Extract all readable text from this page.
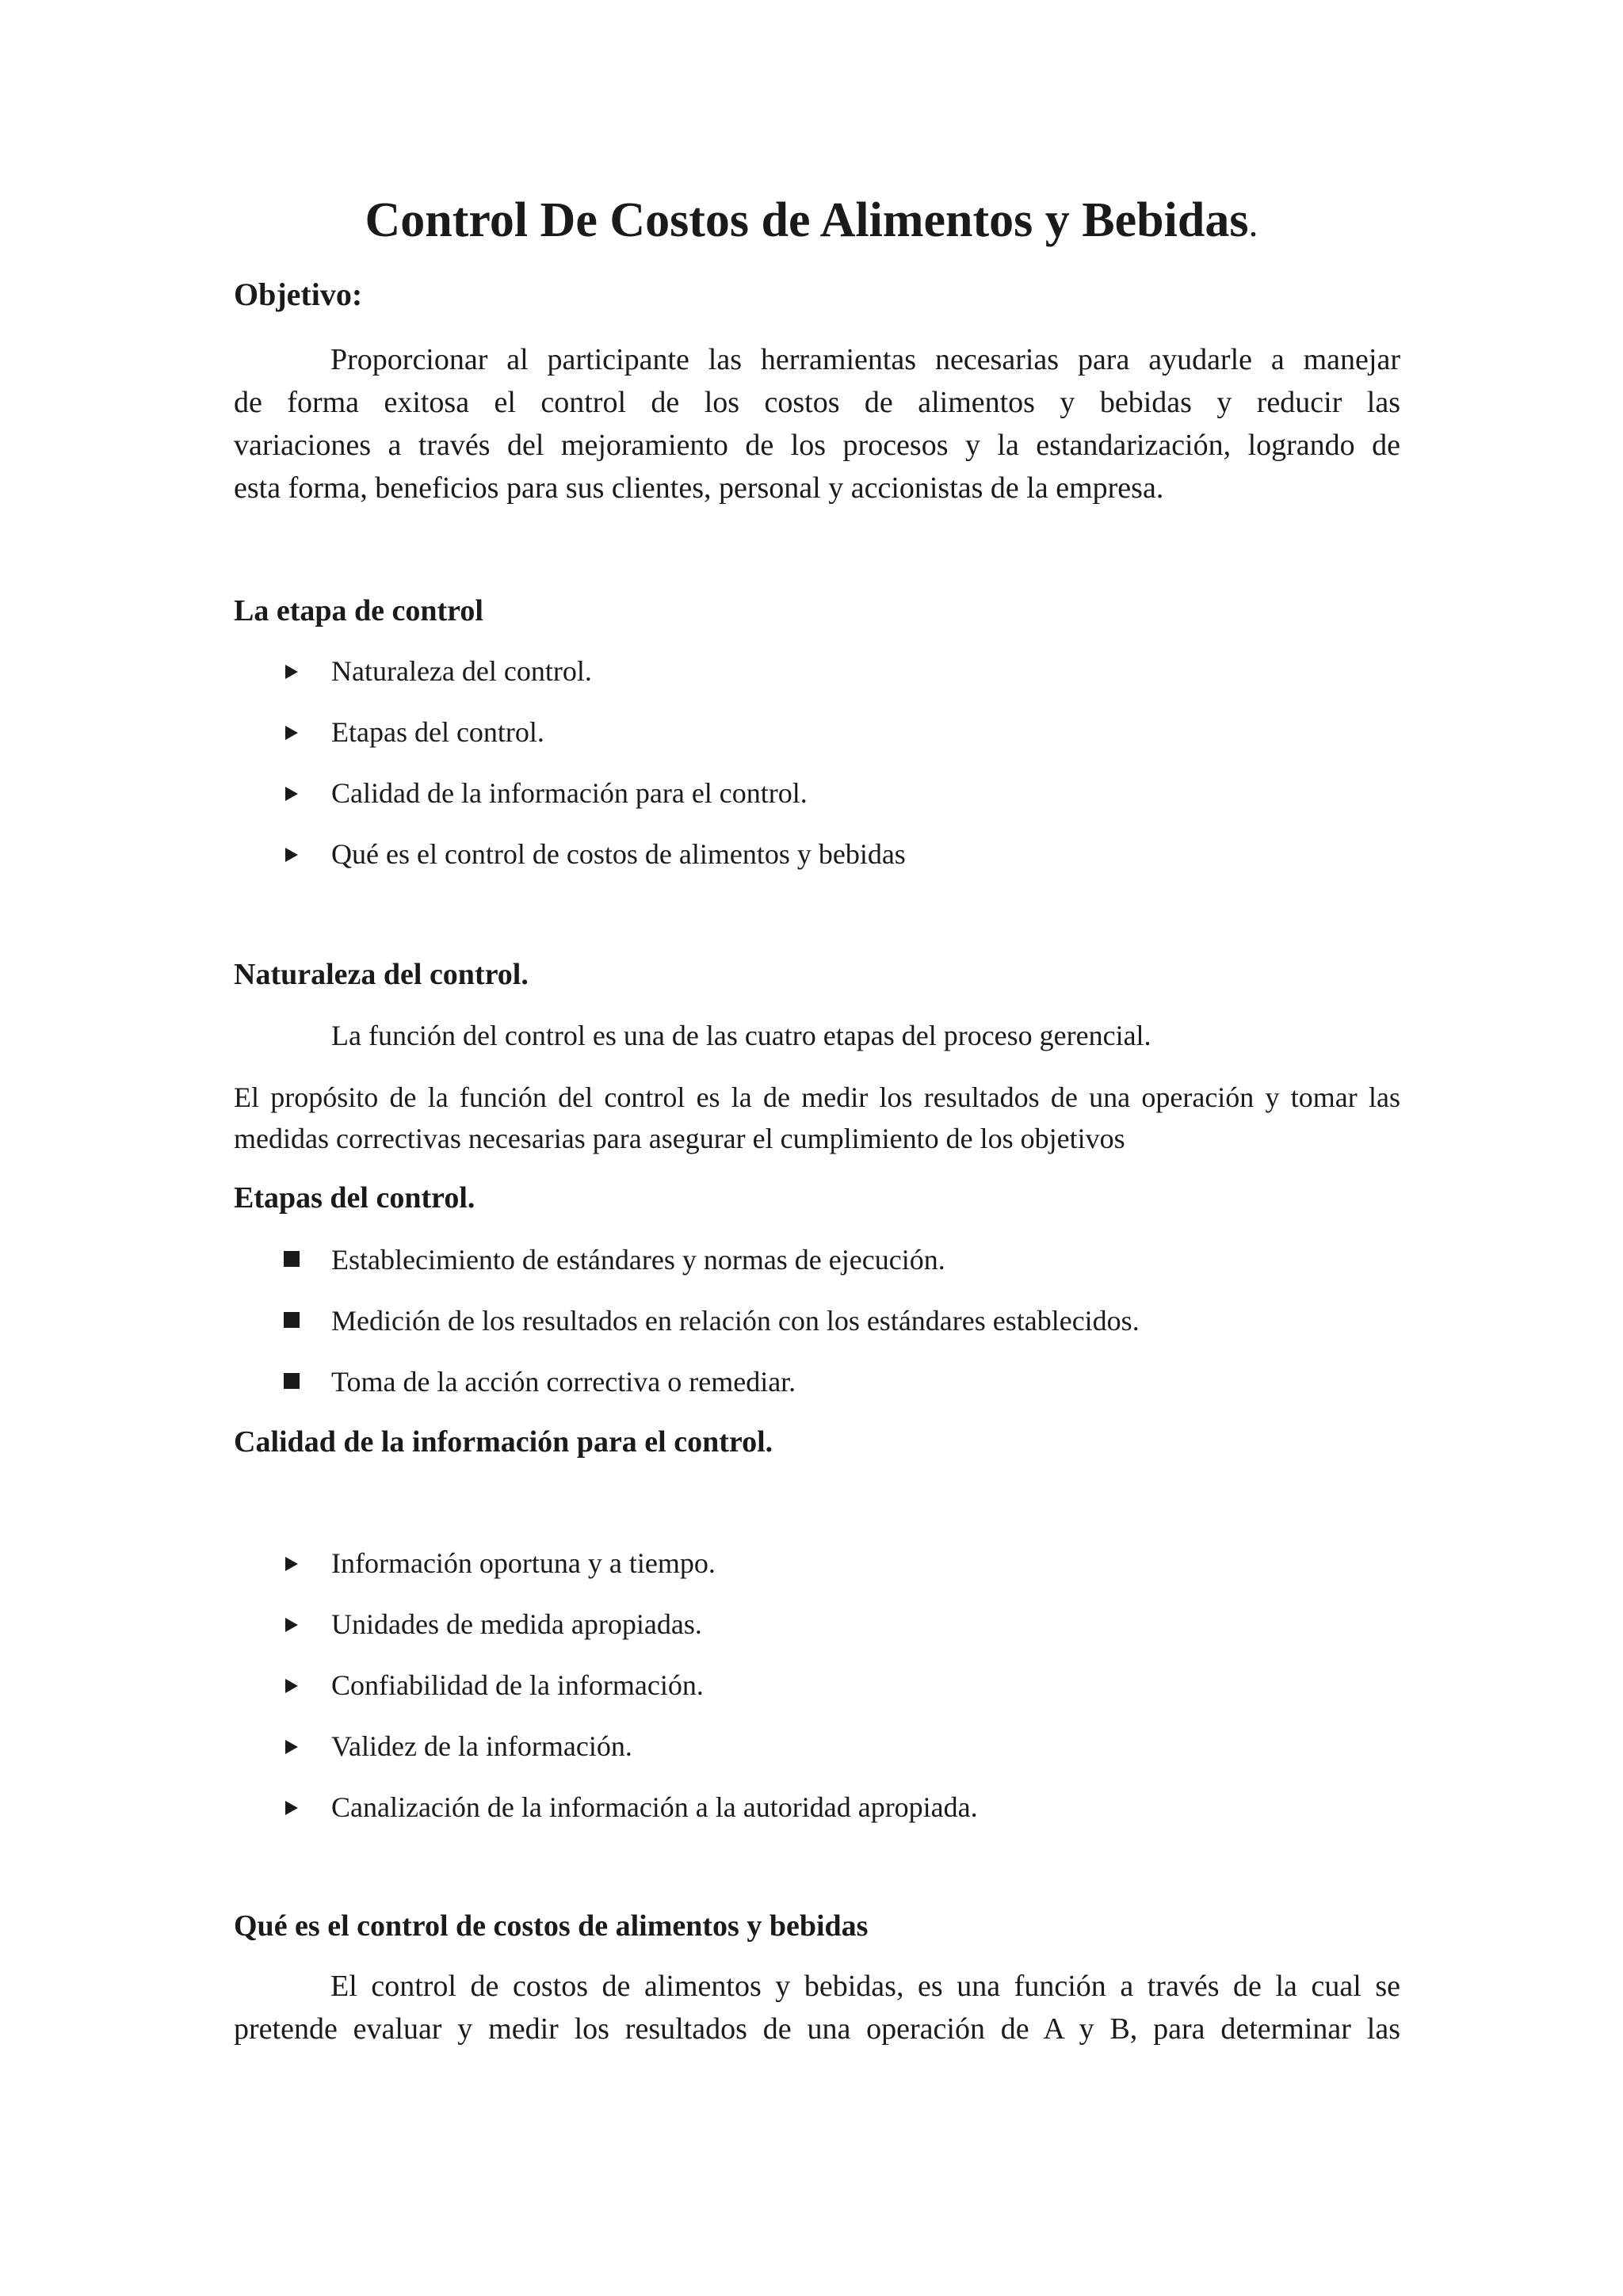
Control De Costos de Alimentos y Bebidas.
Objetivo:
Proporcionar al participante las herramientas necesarias para ayudarle a manejar
de forma exitosa el control de los costos de alimentos y bebidas y reducir las
variaciones a través del mejoramiento de los procesos y la estandarización, logrando de
esta forma, beneficios para sus clientes, personal y accionistas de la empresa.
La etapa de control
Naturaleza del control.
Etapas del control.
Calidad de la información para el control.
Qué es el control de costos de alimentos y bebidas
Naturaleza del control.
La función del control es una de las cuatro etapas del proceso gerencial.
El propósito de la función del control es la de medir los resultados de una operación y tomar las
medidas correctivas necesarias para asegurar el cumplimiento de los objetivos
Etapas del control.
Establecimiento de estándares y normas de ejecución.
Medición de los resultados en relación con los estándares establecidos.
Toma de la acción correctiva o remediar.
Calidad de la información para el control.
Información oportuna y a tiempo.
Unidades de medida apropiadas.
Confiabilidad de la información.
Validez de la información.
Canalización de la información a la autoridad apropiada.
Qué es el control de costos de alimentos y bebidas
El control de costos de alimentos y bebidas, es una función a través de la cual se
pretende evaluar y medir los resultados de una operación de A y B, para determinar las
